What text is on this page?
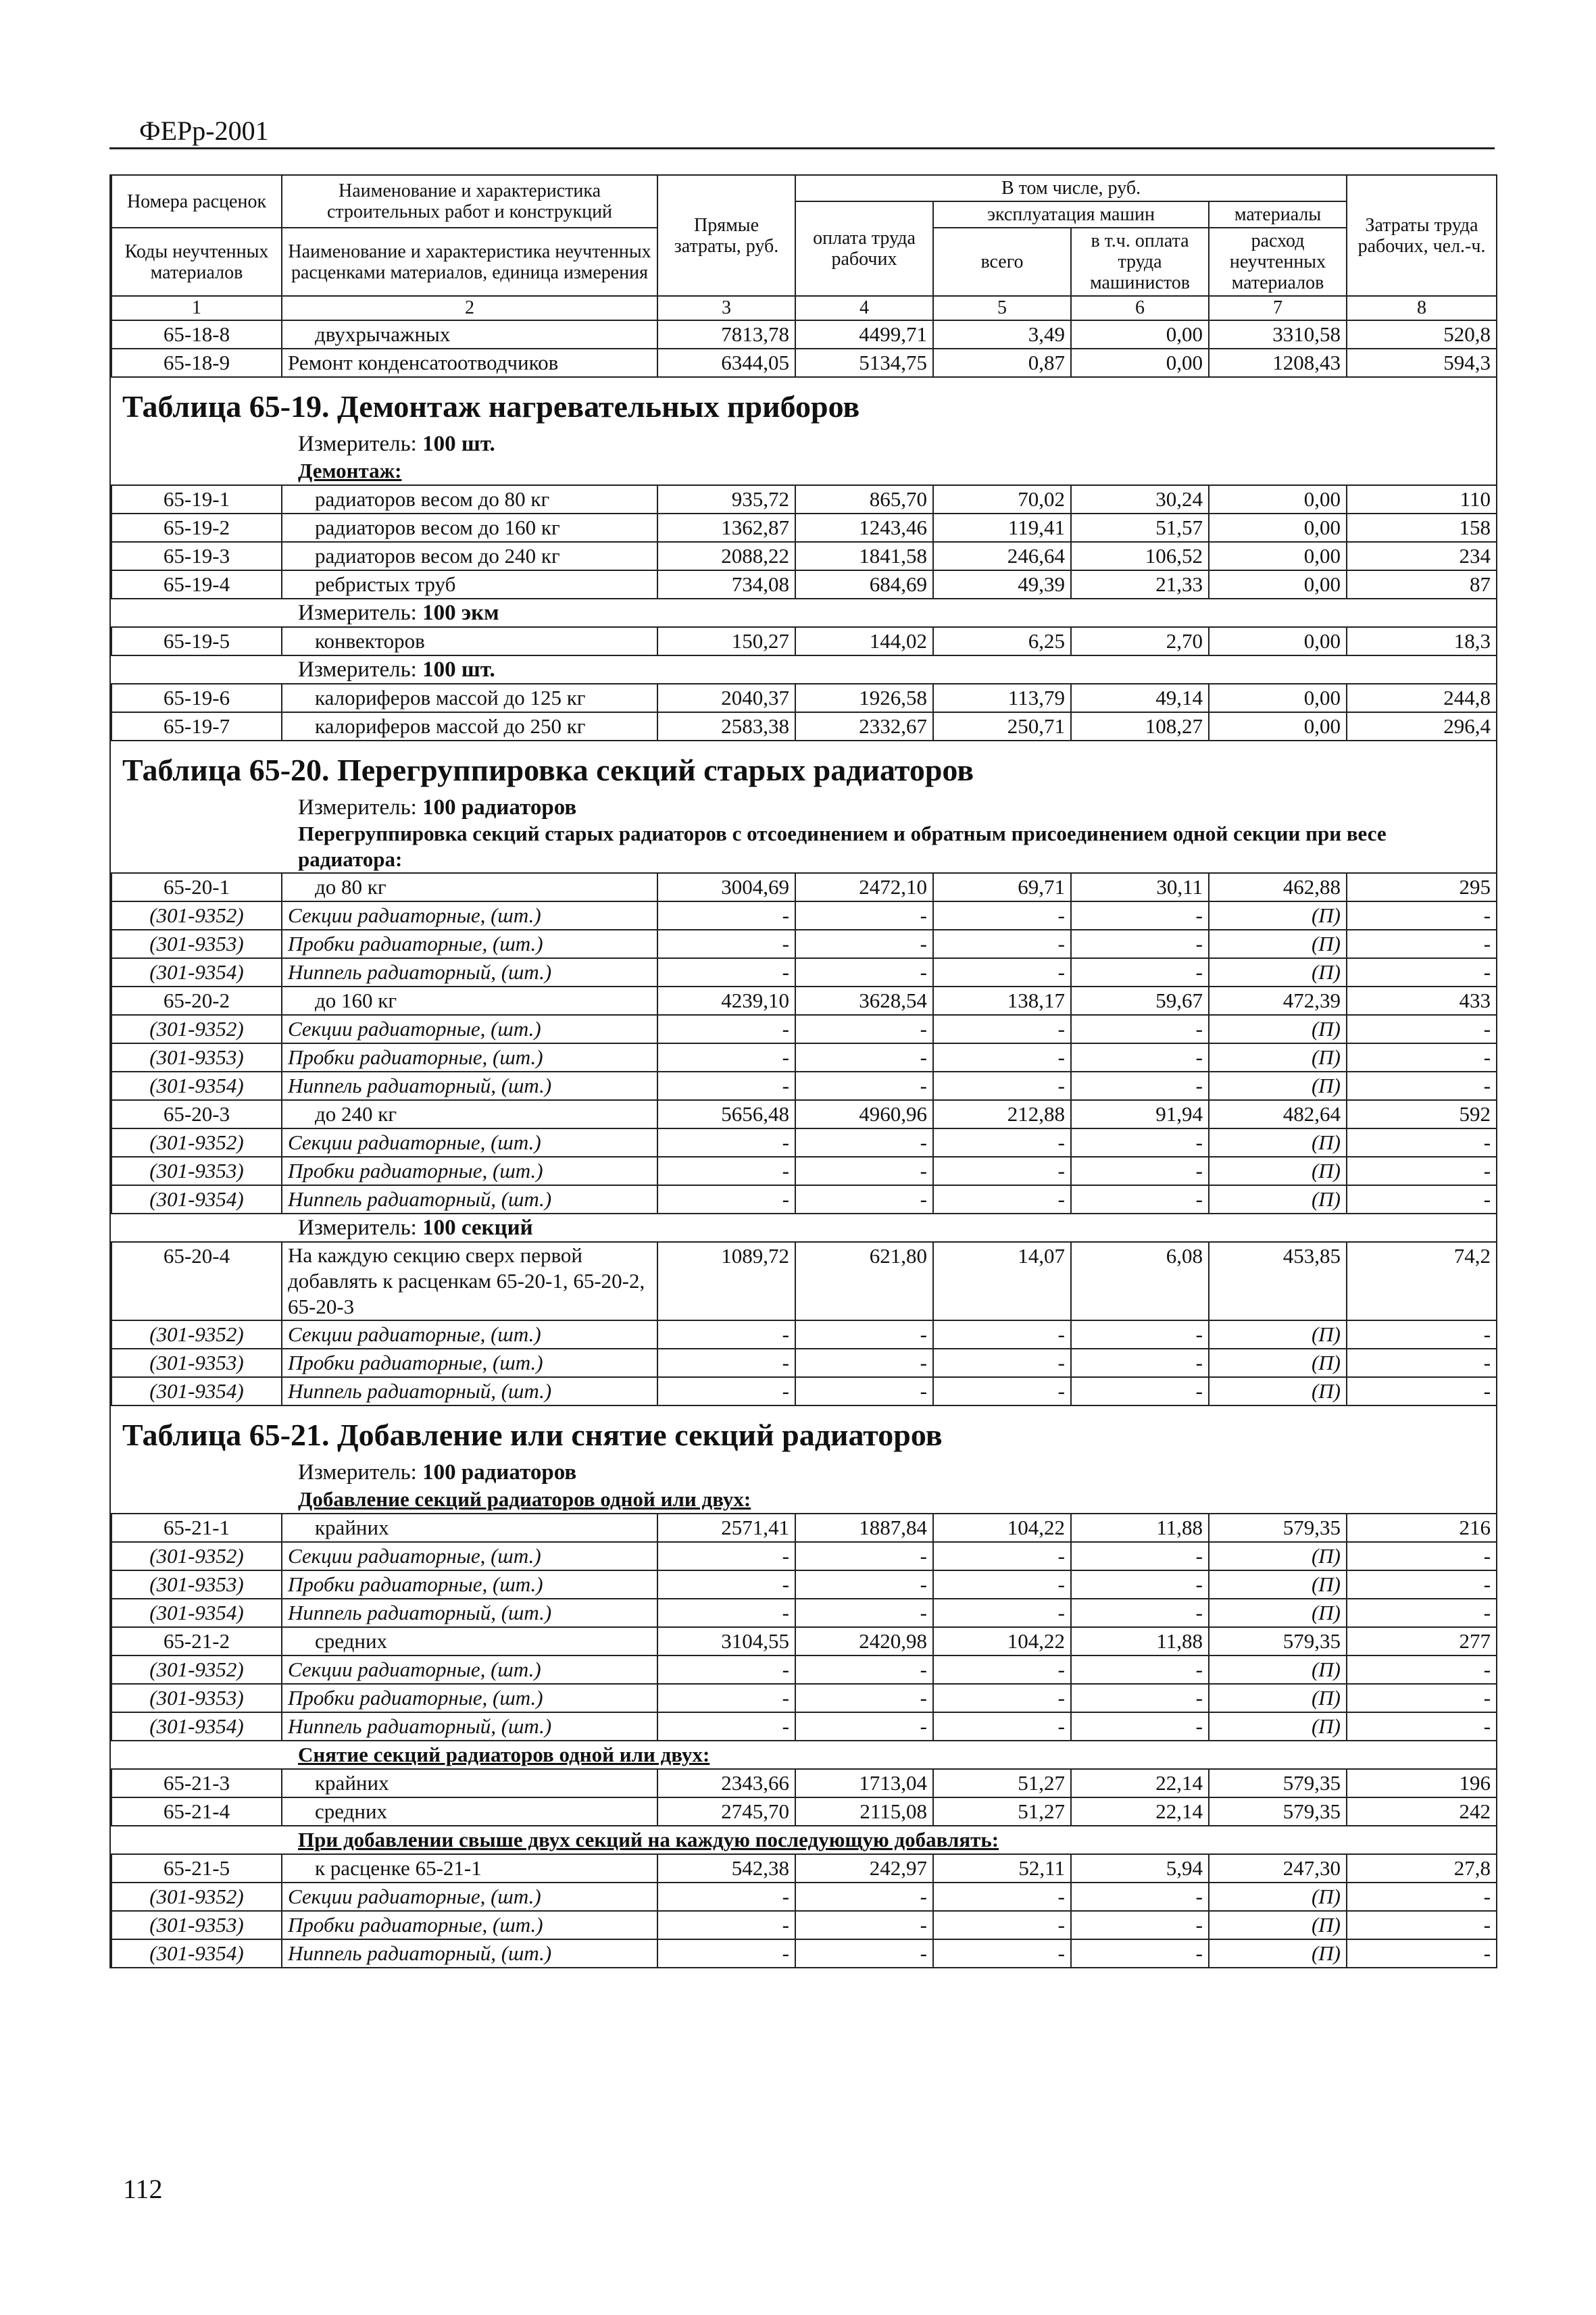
ФЕРр-2001
Номера расценок	Наименование и характеристика строительных работ и конструкций	Прямые затраты, руб.	В том числе, руб.				Затраты труда рабочих, чел.-ч.
			оплата труда рабочих	эксплуатация машин		материалы	
Коды неучтенных материалов	Наименование и характеристика неучтенных расценками материалов, единица измерения			всего	в т.ч. оплата труда машинистов	расход неучтенных материалов	

1	2	3	4	5	6	7	8
65-18-8	двухрычажных	7813,78	4499,71	3,49	0,00	3310,58	520,8
65-18-9	Ремонт конденсатоотводчиков	6344,05	5134,75	0,87	0,00	1208,43	594,3
Таблица 65-19. Демонтаж нагревательных приборов							
	Измеритель: 100 шт.						
	Демонтаж:						
65-19-1	радиаторов весом до 80 кг	935,72	865,70	70,02	30,24	0,00	110
65-19-2	радиаторов весом до 160 кг	1362,87	1243,46	119,41	51,57	0,00	158
65-19-3	радиаторов весом до 240 кг	2088,22	1841,58	246,64	106,52	0,00	234
65-19-4	ребристых труб	734,08	684,69	49,39	21,33	0,00	87
	Измеритель: 100 экм						
65-19-5	конвекторов	150,27	144,02	6,25	2,70	0,00	18,3
	Измеритель: 100 шт.						
65-19-6	калориферов массой до 125 кг	2040,37	1926,58	113,79	49,14	0,00	244,8
65-19-7	калориферов массой до 250 кг	2583,38	2332,67	250,71	108,27	0,00	296,4
Таблица 65-20. Перегруппировка секций старых радиаторов							
	Измеритель: 100 радиаторов						
	Перегруппировка секций старых радиаторов с отсоединением и обратным присоединением одной секции при весе радиатора:						
65-20-1	до 80 кг	3004,69	2472,10	69,71	30,11	462,88	295
(301-9352)	Секции радиаторные, (шт.)	-	-	-	-	(П)	-
(301-9353)	Пробки радиаторные, (шт.)	-	-	-	-	(П)	-
(301-9354)	Ниппель радиаторный, (шт.)	-	-	-	-	(П)	-
65-20-2	до 160 кг	4239,10	3628,54	138,17	59,67	472,39	433
(301-9352)	Секции радиаторные, (шт.)	-	-	-	-	(П)	-
(301-9353)	Пробки радиаторные, (шт.)	-	-	-	-	(П)	-
(301-9354)	Ниппель радиаторный, (шт.)	-	-	-	-	(П)	-
65-20-3	до 240 кг	5656,48	4960,96	212,88	91,94	482,64	592
(301-9352)	Секции радиаторные, (шт.)	-	-	-	-	(П)	-
(301-9353)	Пробки радиаторные, (шт.)	-	-	-	-	(П)	-
(301-9354)	Ниппель радиаторный, (шт.)	-	-	-	-	(П)	-
	Измеритель: 100 секций						
65-20-4	На каждую секцию сверх первой добавлять к расценкам 65-20-1, 65-20-2, 65-20-3	1089,72	621,80	14,07	6,08	453,85	74,2
(301-9352)	Секции радиаторные, (шт.)	-	-	-	-	(П)	-
(301-9353)	Пробки радиаторные, (шт.)	-	-	-	-	(П)	-
(301-9354)	Ниппель радиаторный, (шт.)	-	-	-	-	(П)	-
Таблица 65-21. Добавление или снятие секций радиаторов							
	Измеритель: 100 радиаторов						
	Добавление секций радиаторов одной или двух:						
65-21-1	крайних	2571,41	1887,84	104,22	11,88	579,35	216
(301-9352)	Секции радиаторные, (шт.)	-	-	-	-	(П)	-
(301-9353)	Пробки радиаторные, (шт.)	-	-	-	-	(П)	-
(301-9354)	Ниппель радиаторный, (шт.)	-	-	-	-	(П)	-
65-21-2	средних	3104,55	2420,98	104,22	11,88	579,35	277
(301-9352)	Секции радиаторные, (шт.)	-	-	-	-	(П)	-
(301-9353)	Пробки радиаторные, (шт.)	-	-	-	-	(П)	-
(301-9354)	Ниппель радиаторный, (шт.)	-	-	-	-	(П)	-
	Снятие секций радиаторов одной или двух:						
65-21-3	крайних	2343,66	1713,04	51,27	22,14	579,35	196
65-21-4	средних	2745,70	2115,08	51,27	22,14	579,35	242
	При добавлении свыше двух секций на каждую последующую добавлять:						
65-21-5	к расценке 65-21-1	542,38	242,97	52,11	5,94	247,30	27,8
(301-9352)	Секции радиаторные, (шт.)	-	-	-	-	(П)	-
(301-9353)	Пробки радиаторные, (шт.)	-	-	-	-	(П)	-
(301-9354)	Ниппель радиаторный, (шт.)	-	-	-	-	(П)	-
112
